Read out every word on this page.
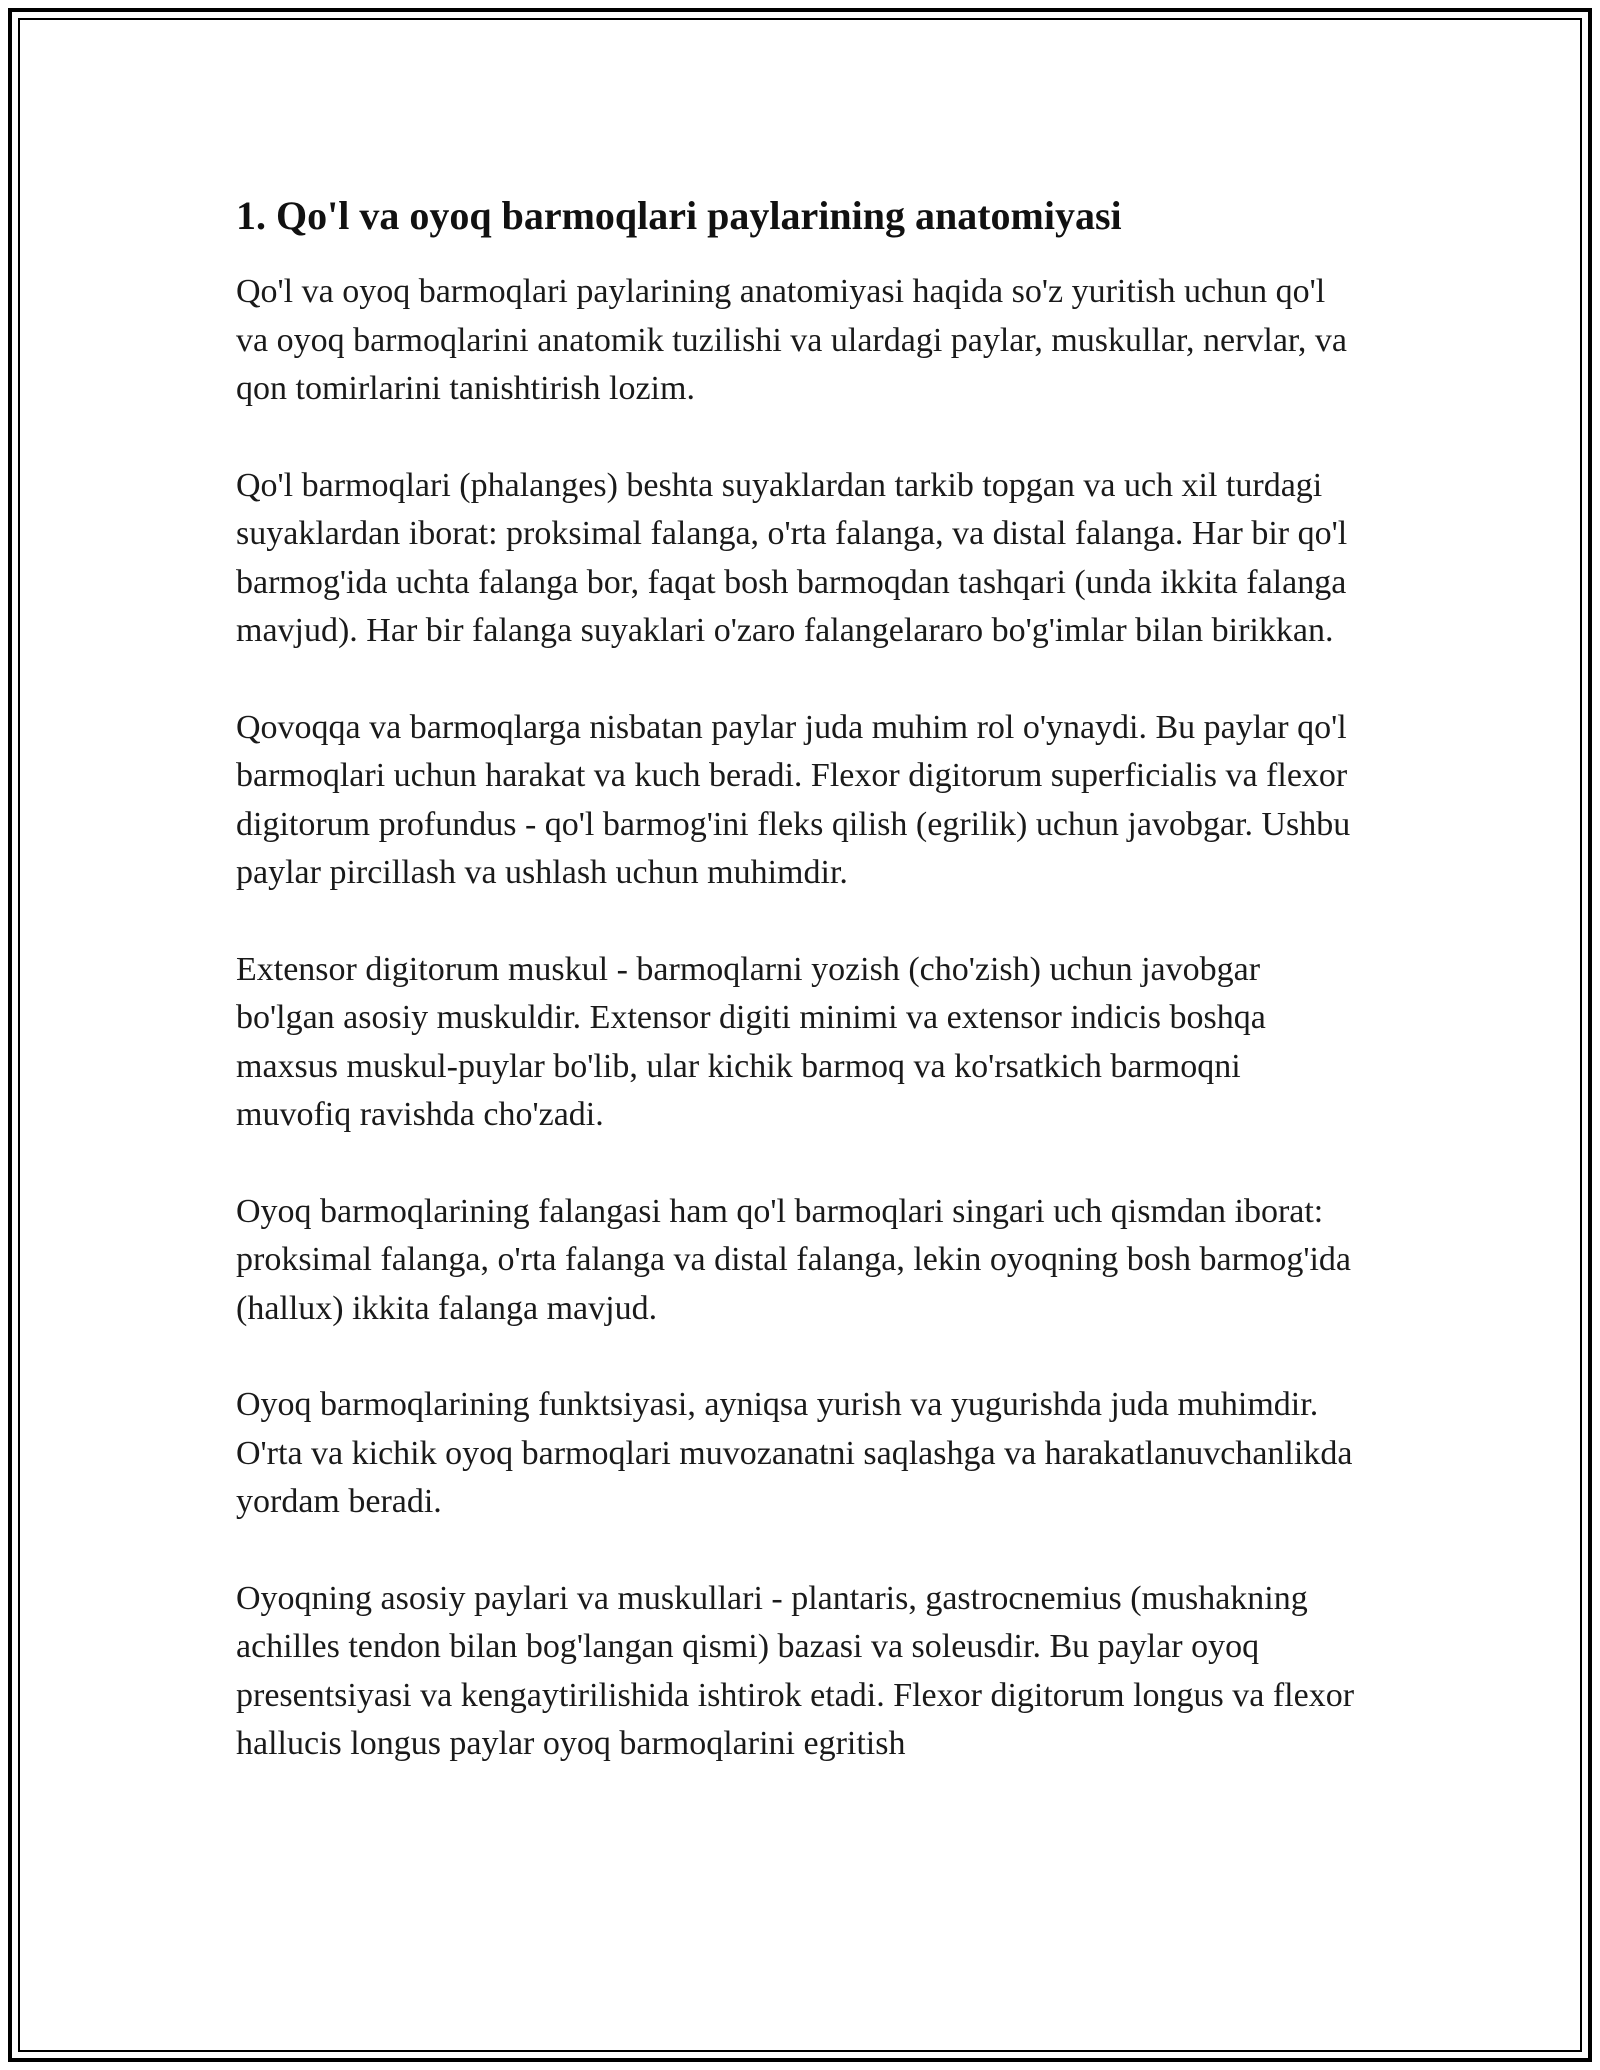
1. Qo'l va oyoq barmoqlari paylarining anatomiyasi

Qo'l va oyoq barmoqlari paylarining anatomiyasi haqida so'z yuritish uchun qo'l va oyoq barmoqlarini anatomik tuzilishi va ulardagi paylar, muskullar, nervlar, va qon tomirlarini tanishtirish lozim.

Qo'l barmoqlari (phalanges) beshta suyaklardan tarkib topgan va uch xil turdagi suyaklardan iborat: proksimal falanga, o'rta falanga, va distal falanga. Har bir qo'l barmog'ida uchta falanga bor, faqat bosh barmoqdan tashqari (unda ikkita falanga mavjud). Har bir falanga suyaklari o'zaro falangelararo bo'g'imlar bilan birikkan.

Qovoqqa va barmoqlarga nisbatan paylar juda muhim rol o'ynaydi. Bu paylar qo'l barmoqlari uchun harakat va kuch beradi. Flexor digitorum superficialis va flexor digitorum profundus - qo'l barmog'ini fleks qilish (egrilik) uchun javobgar. Ushbu paylar pircillash va ushlash uchun muhimdir.

Extensor digitorum muskul - barmoqlarni yozish (cho'zish) uchun javobgar bo'lgan asosiy muskuldir. Extensor digiti minimi va extensor indicis boshqa maxsus muskul-puylar bo'lib, ular kichik barmoq va ko'rsatkich barmoqni muvofiq ravishda cho'zadi.

Oyoq barmoqlarining falangasi ham qo'l barmoqlari singari uch qismdan iborat: proksimal falanga, o'rta falanga va distal falanga, lekin oyoqning bosh barmog'ida (hallux) ikkita falanga mavjud.

Oyoq barmoqlarining funktsiyasi, ayniqsa yurish va yugurishda juda muhimdir. O'rta va kichik oyoq barmoqlari muvozanatni saqlashga va harakatlanuvchanlikda yordam beradi.

Oyoqning asosiy paylari va muskullari - plantaris, gastrocnemius (mushakning achilles tendon bilan bog'langan qismi) bazasi va soleusdir. Bu paylar oyoq presentsiyasi va kengaytirilishida ishtirok etadi. Flexor digitorum longus va flexor hallucis longus paylar oyoq barmoqlarini egritish
